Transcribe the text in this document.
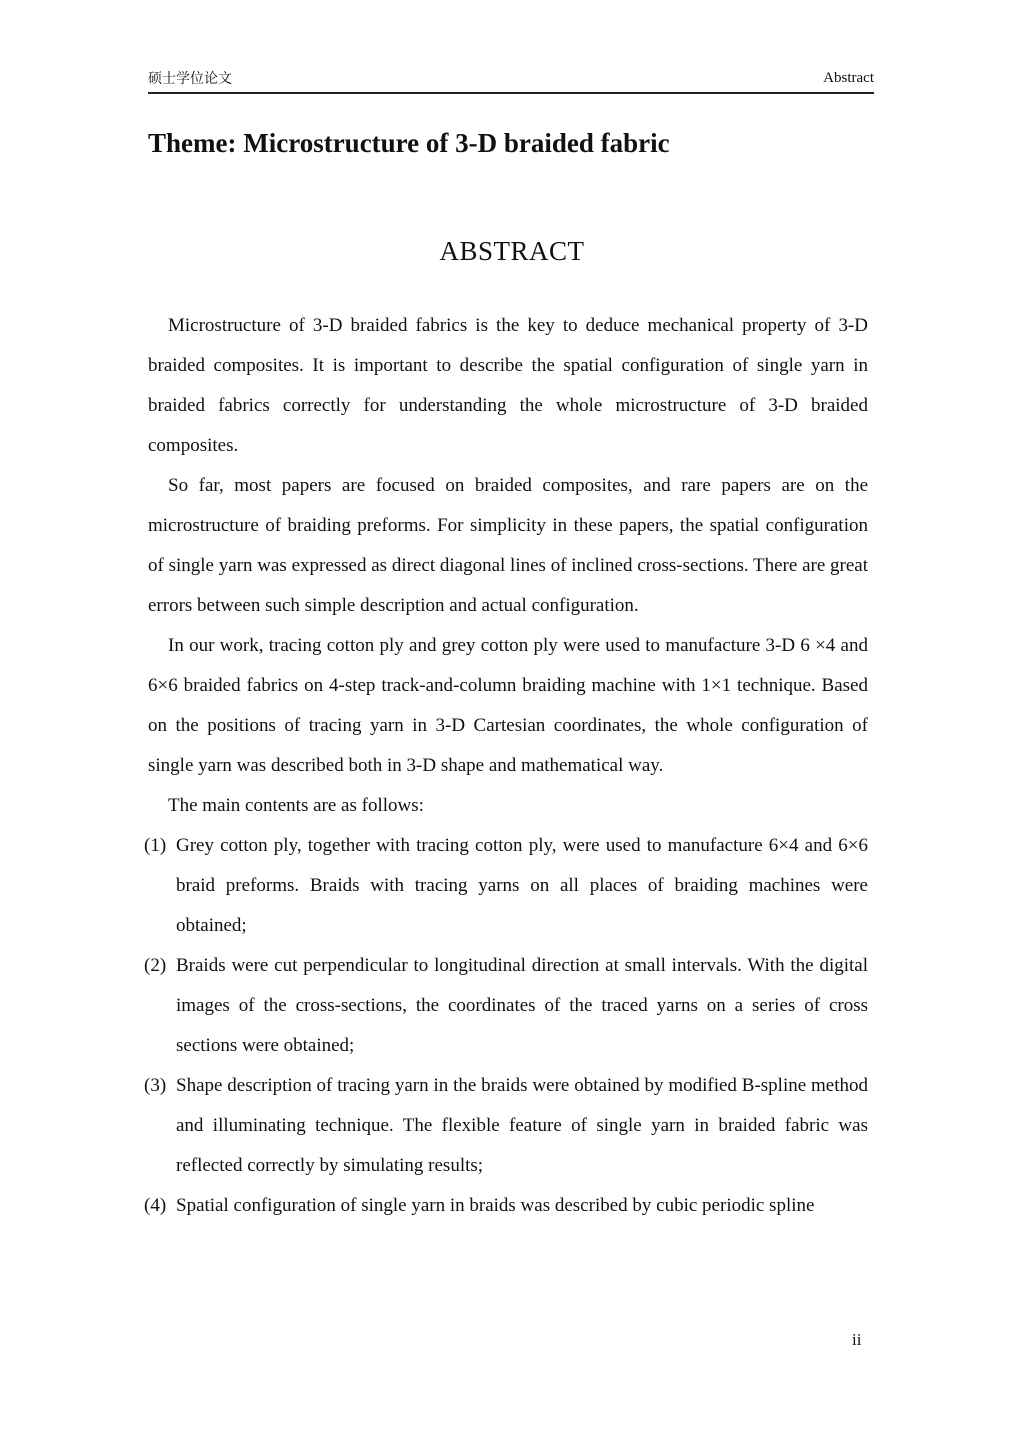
硕士学位论文	Abstract
Theme: Microstructure of 3-D braided fabric
ABSTRACT

Microstructure of 3-D braided fabrics is the key to deduce mechanical property of 3-D braided composites. It is important to describe the spatial configuration of single yarn in braided fabrics correctly for understanding the whole microstructure of 3-D braided composites.

So far, most papers are focused on braided composites, and rare papers are on the microstructure of braiding preforms. For simplicity in these papers, the spatial configuration of single yarn was expressed as direct diagonal lines of inclined cross-sections. There are great errors between such simple description and actual configuration.

In our work, tracing cotton ply and grey cotton ply were used to manufacture 3-D 6 ×4 and 6×6 braided fabrics on 4-step track-and-column braiding machine with 1×1 technique. Based on the positions of tracing yarn in 3-D Cartesian coordinates, the whole configuration of single yarn was described both in 3-D shape and mathematical way.

The main contents are as follows:

(1) Grey cotton ply, together with tracing cotton ply, were used to manufacture 6×4 and 6×6 braid preforms. Braids with tracing yarns on all places of braiding machines were obtained;
(2) Braids were cut perpendicular to longitudinal direction at small intervals. With the digital images of the cross-sections, the coordinates of the traced yarns on a series of cross sections were obtained;
(3) Shape description of tracing yarn in the braids were obtained by modified B-spline method and illuminating technique. The flexible feature of single yarn in braided fabric was reflected correctly by simulating results;
(4) Spatial configuration of single yarn in braids was described by cubic periodic spline
ii
